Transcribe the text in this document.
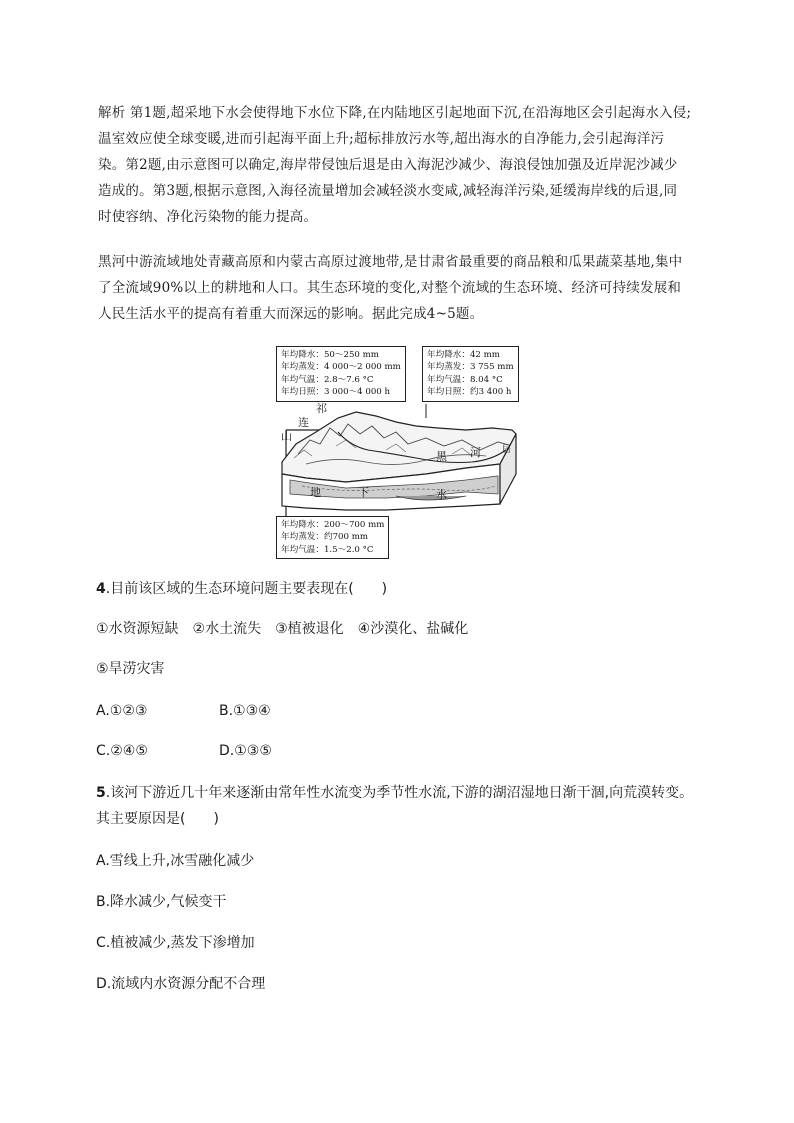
解析 第1题,超采地下水会使得地下水位下降,在内陆地区引起地面下沉,在沿海地区会引起海水入侵;
温室效应使全球变暖,进而引起海平面上升;超标排放污水等,超出海水的自净能力,会引起海洋污
染。第2题,由示意图可以确定,海岸带侵蚀后退是由入海泥沙减少、海浪侵蚀加强及近岸泥沙减少
造成的。第3题,根据示意图,入海径流量增加会减轻淡水变咸,减轻海洋污染,延缓海岸线的后退,同
时使容纳、净化污染物的能力提高。
黑河中游流域地处青藏高原和内蒙古高原过渡地带,是甘肃省最重要的商品粮和瓜果蔬菜基地,集中
了全流域90%以上的耕地和人口。其生态环境的变化,对整个流域的生态环境、经济可持续发展和
人民生活水平的提高有着重大而深远的影响。据此完成4~5题。
祁
连
山
黑 河
地	下	水
居
年均降水：50～250 mm
年均蒸发：4 000～2 000 mm
年均气温：2.8～7.6 °C
年均日照：3 000～4 000 h
年均降水：42 mm
年均蒸发：3 755 mm
年均气温：8.04 °C
年均日照：约3 400 h
年均降水：200～700 mm
年均蒸发：约700 mm
年均气温：1.5～2.0 °C
4.目前该区域的生态环境问题主要表现在(　　)
①水资源短缺　②水土流失　③植被退化　④沙漠化、盐碱化
⑤旱涝灾害
A.①②③	B.①③④
C.②④⑤	D.①③⑤
5.该河下游近几十年来逐渐由常年性水流变为季节性水流,下游的湖沼湿地日渐干涸,向荒漠转变。
其主要原因是(　　)
A.雪线上升,冰雪融化减少
B.降水减少,气候变干
C.植被减少,蒸发下渗增加
D.流域内水资源分配不合理
